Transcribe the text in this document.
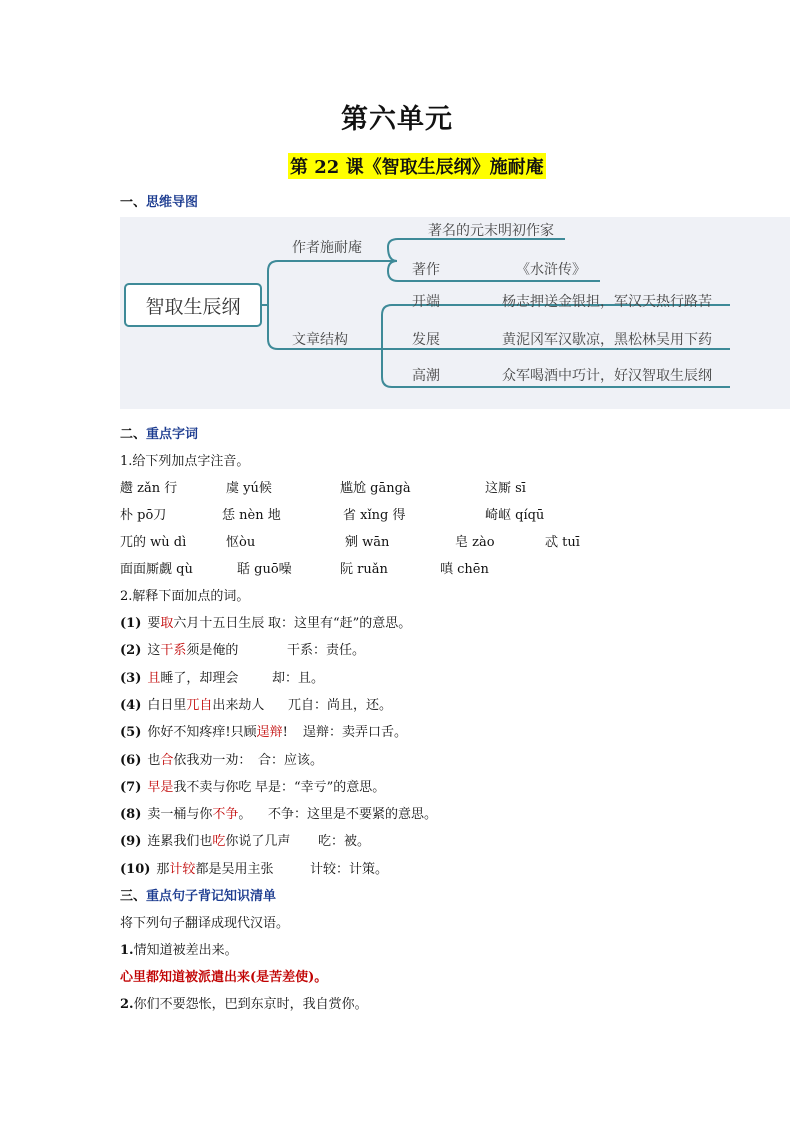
第六单元
第 22 课《智取生辰纲》施耐庵
一、思维导图
智取生辰纲
作者施耐庵
著名的元末明初作家
著作	《水浒传》
文章结构
开端	杨志押送金银担，军汉天热行路苦
发展	黄泥冈军汉歇凉，黑松林吴用下药
高潮	众军喝酒中巧计，好汉智取生辰纲
二、重点字词
1.给下列加点字注音。
趱 zǎn 行	虞 yú候	尴尬 gāngà	这厮 sī
朴 pō刀	恁 nèn 地	省 xǐng 得	崎岖 qíqū
兀的 wù dì	怄òu	剜 wān	皂 zào	忒 tuī
面面厮觑 qù	聒 guō噪	阮 ruǎn	嗔 chēn
2.解释下面加点的词。
(1) 要取六月十五日生辰 取：这里有“赶”的意思。
(2) 这干系须是俺的	干系：责任。
(3) 且睡了，却理会	却：且。
(4) 白日里兀自出来劫人 兀自：尚且，还。
(5) 你好不知疼痒!只顾逞辩! 逞辩：卖弄口舌。
(6) 也合依我劝一劝： 合：应该。
(7) 早是我不卖与你吃 早是：“幸亏”的意思。
(8) 卖一桶与你不争。 不争：这里是不要紧的意思。
(9) 连累我们也吃你说了几声 吃：被。
(10) 那计较都是吴用主张	计较：计策。
三、重点句子背记知识清单
将下列句子翻译成现代汉语。
1.情知道被差出来。
心里都知道被派遣出来(是苦差使)。
2.你们不要怨怅，巴到东京时，我自赏你。
